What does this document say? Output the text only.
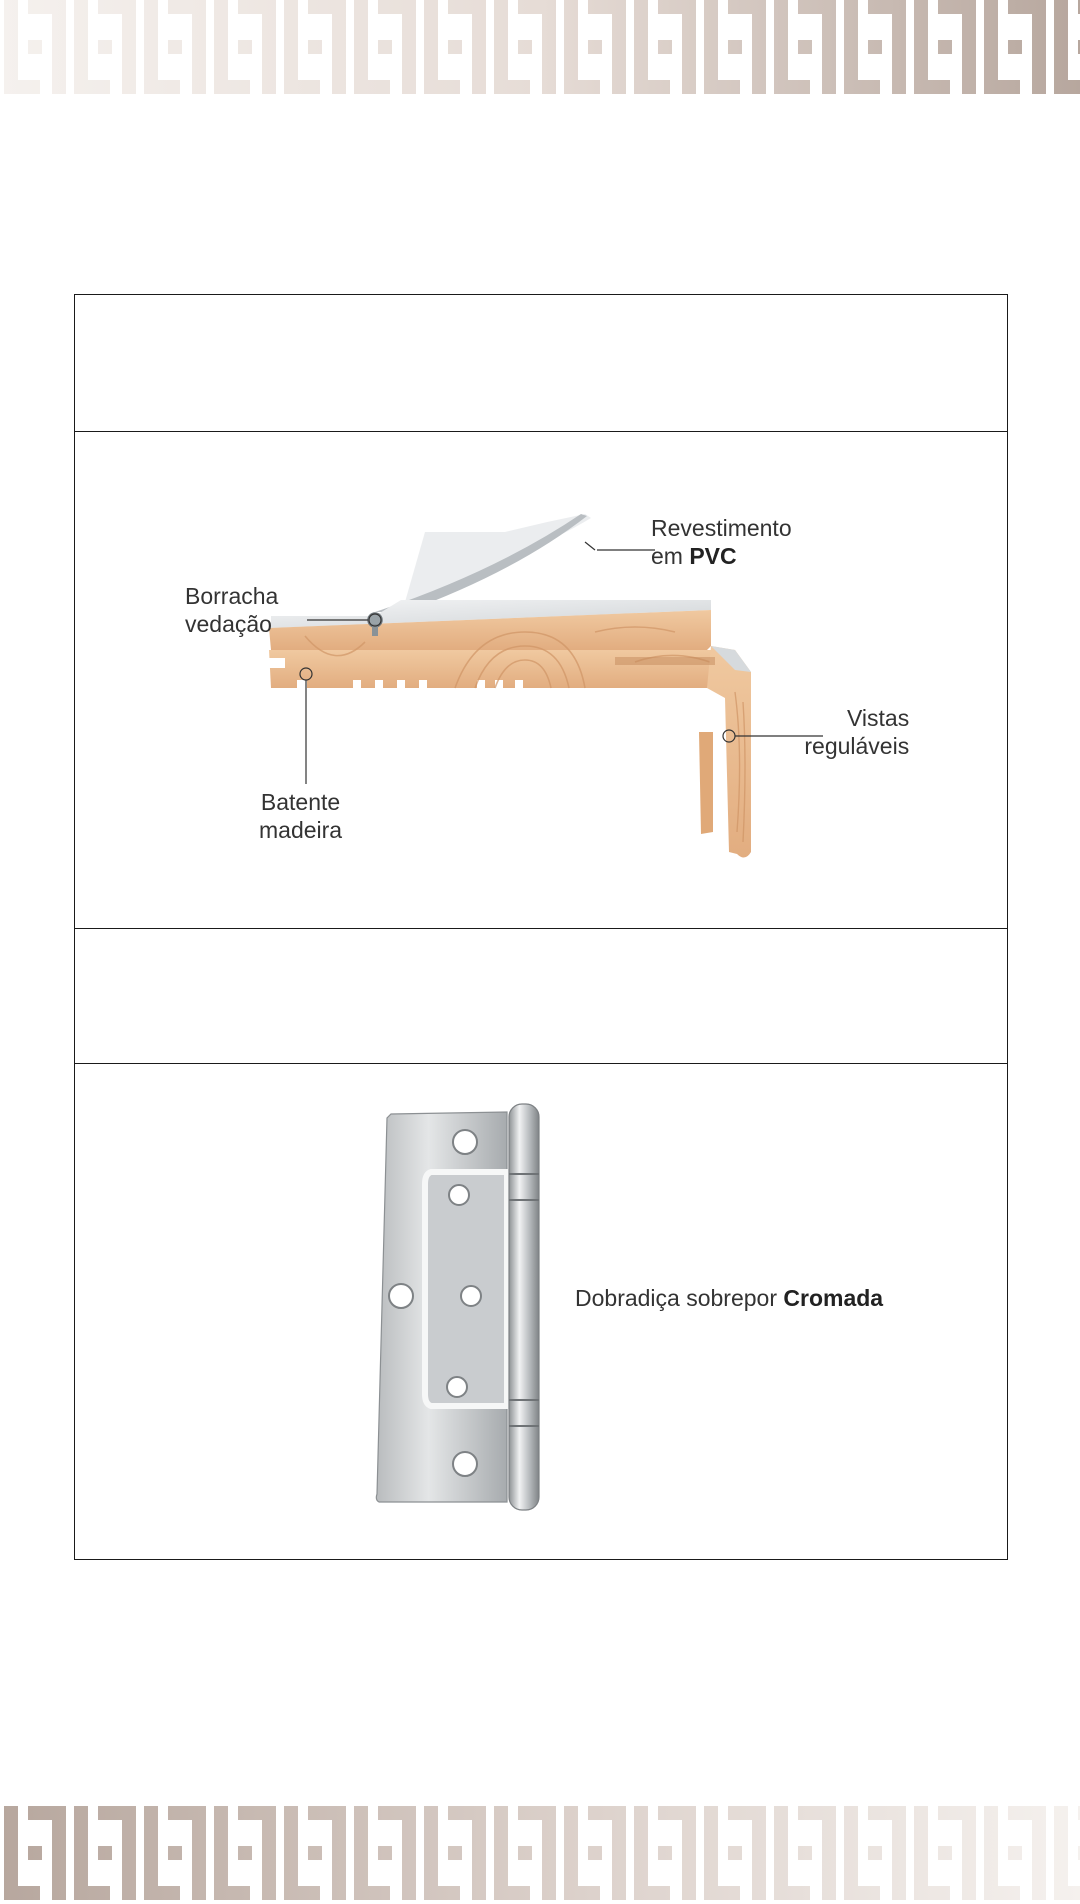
Revestimento
em PVC

Borracha
vedação

Batente
madeira

Vistas
reguláveis

Dobradiça sobrepor Cromada
